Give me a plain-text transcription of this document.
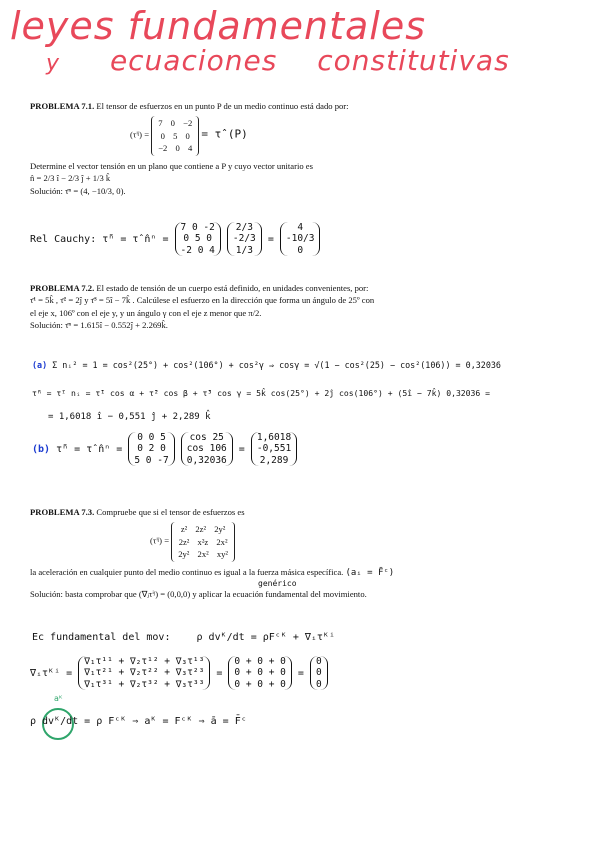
leyes fundamentales
y ecuaciones constitutivas
PROBLEMA 7.1. El tensor de esfuerzos en un punto P de un medio continuo está dado por:
(τⁱʲ) =
7 0 −2
0 5 0
−2 0 4
= τ̂ (P)
Determine el vector tensión en un plano que contiene a P y cuyo vector unitario es
n̂ = 2/3 î − 2/3 ĵ + 1/3 k̂
Solución: τ̄ⁿ = (4, −10/3, 0).
Rel Cauchy: τ̄ⁿ = τ̂ n̂ⁿ =
7 0 -2
0 5 0
-2 0 4

2/3
-2/3
1/3
=
4
-10/3
0
PROBLEMA 7.2. El estado de tensión de un cuerpo está definido, en unidades convenientes, por:
τ̄¹ = 5k̂ , τ̄² = 2ĵ y τ̄³ = 5î − 7k̂ . Calcúlese el esfuerzo en la dirección que forma un ángulo de 25º con
el eje x, 106º con el eje y, y un ángulo γ con el eje z menor que π/2.
Solución: τ̄ⁿ = 1.615î − 0.552ĵ + 2.269k̂.
(a) Σ nᵢ² = 1 = cos²(25°) + cos²(106°) + cos²γ ⇒ cosγ = √(1 − cos²(25) − cos²(106)) = 0,32036
τ̄ⁿ = τ̄ⁱ nᵢ = τ̄¹ cos α + τ̄² cos β + τ̄³ cos γ = 5k̂ cos(25°) + 2ĵ cos(106°) + (5î − 7k̂) 0,32036 =
= 1,6018 î − 0,551 ĵ + 2,289 k̂
(b) τ̄ⁿ = τ̂ n̂ⁿ =
0 0 5
0 2 0
5 0 -7

cos 25
cos 106
0,32036
=
1,6018
-0,551
2,289
PROBLEMA 7.3. Compruebe que si el tensor de esfuerzos es
(τⁱʲ) =
z² 2z² 2y²
2z² x²z 2x²
2y² 2x² xy²
la aceleración en cualquier punto del medio continuo es igual a la fuerza másica específica. (aᵢ = F̄ᶜ)
genérico
Solución: basta comprobar que (∇ⱼτⁱʲ) = (0,0,0) y aplicar la ecuación fundamental del movimiento.
Ec fundamental del mov:	ρ dvᴷ/dt = ρFᶜᴷ + ∇ᵢτᴷⁱ
∇ᵢτᴷⁱ =
∇₁τ¹¹ + ∇₂τ¹² + ∇₃τ¹³
∇₁τ²¹ + ∇₂τ²² + ∇₃τ²³
∇₁τ³¹ + ∇₂τ³² + ∇₃τ³³
=
0 + 0 + 0
0 + 0 + 0
0 + 0 + 0
=
0
0
0
aᴷ
ρ dvᴷ/dt = ρ Fᶜᴷ ⇒ aᴷ = Fᶜᴷ ⇒ ā = F̄ᶜ
